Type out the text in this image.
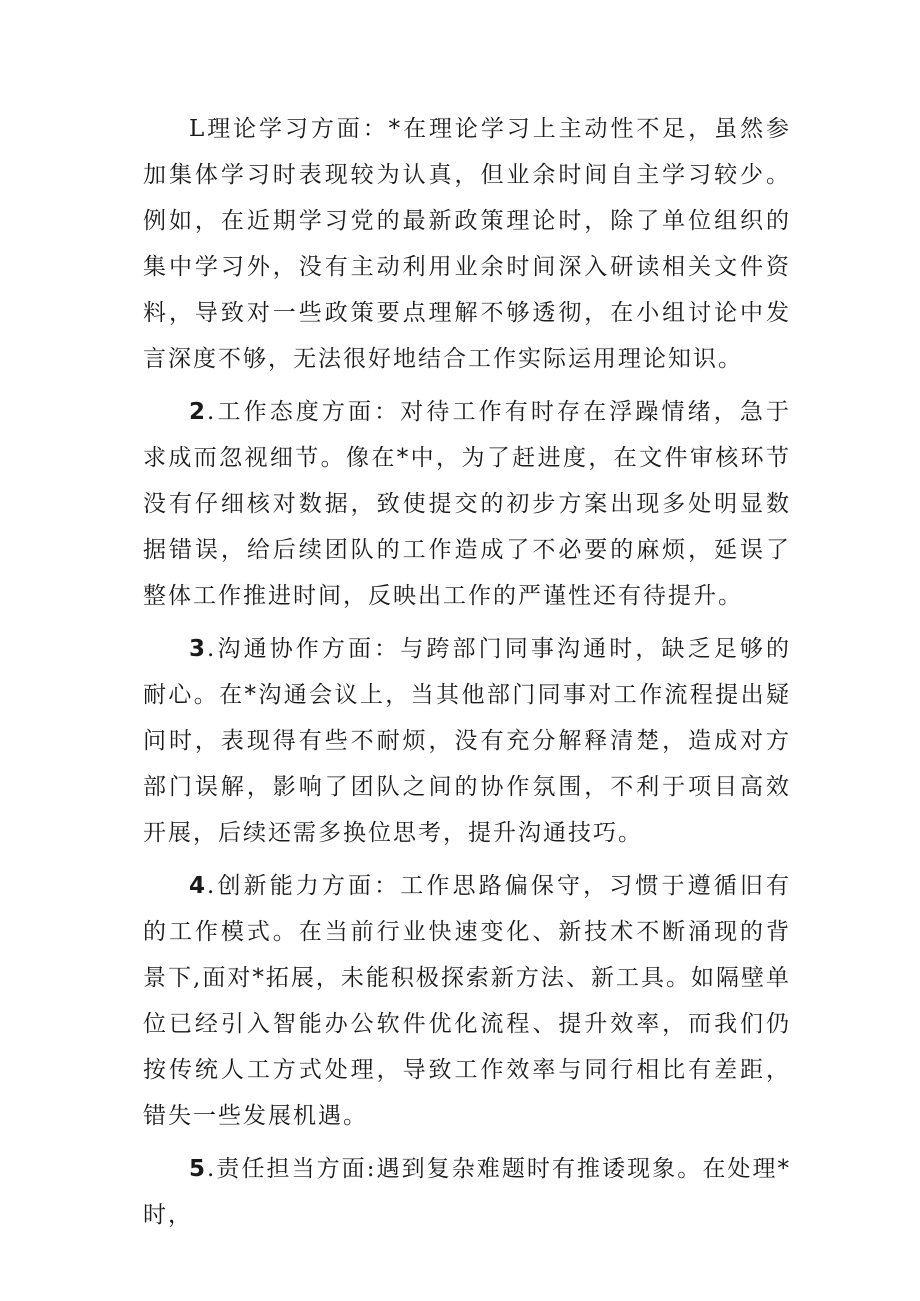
L理论学习方面：*在理论学习上主动性不足，虽然参加集体学习时表现较为认真，但业余时间自主学习较少。例如，在近期学习党的最新政策理论时，除了单位组织的集中学习外，没有主动利用业余时间深入研读相关文件资料，导致对一些政策要点理解不够透彻，在小组讨论中发言深度不够，无法很好地结合工作实际运用理论知识。

2.工作态度方面：对待工作有时存在浮躁情绪，急于求成而忽视细节。像在*中，为了赶进度，在文件审核环节没有仔细核对数据，致使提交的初步方案出现多处明显数据错误，给后续团队的工作造成了不必要的麻烦，延误了整体工作推进时间，反映出工作的严谨性还有待提升。

3.沟通协作方面：与跨部门同事沟通时，缺乏足够的耐心。在*沟通会议上，当其他部门同事对工作流程提出疑问时，表现得有些不耐烦，没有充分解释清楚，造成对方部门误解，影响了团队之间的协作氛围，不利于项目高效开展，后续还需多换位思考，提升沟通技巧。

4.创新能力方面：工作思路偏保守，习惯于遵循旧有的工作模式。在当前行业快速变化、新技术不断涌现的背景下,面对*拓展，未能积极探索新方法、新工具。如隔壁单位已经引入智能办公软件优化流程、提升效率，而我们仍按传统人工方式处理，导致工作效率与同行相比有差距，错失一些发展机遇。

5.责任担当方面:遇到复杂难题时有推诿现象。在处理*时，
